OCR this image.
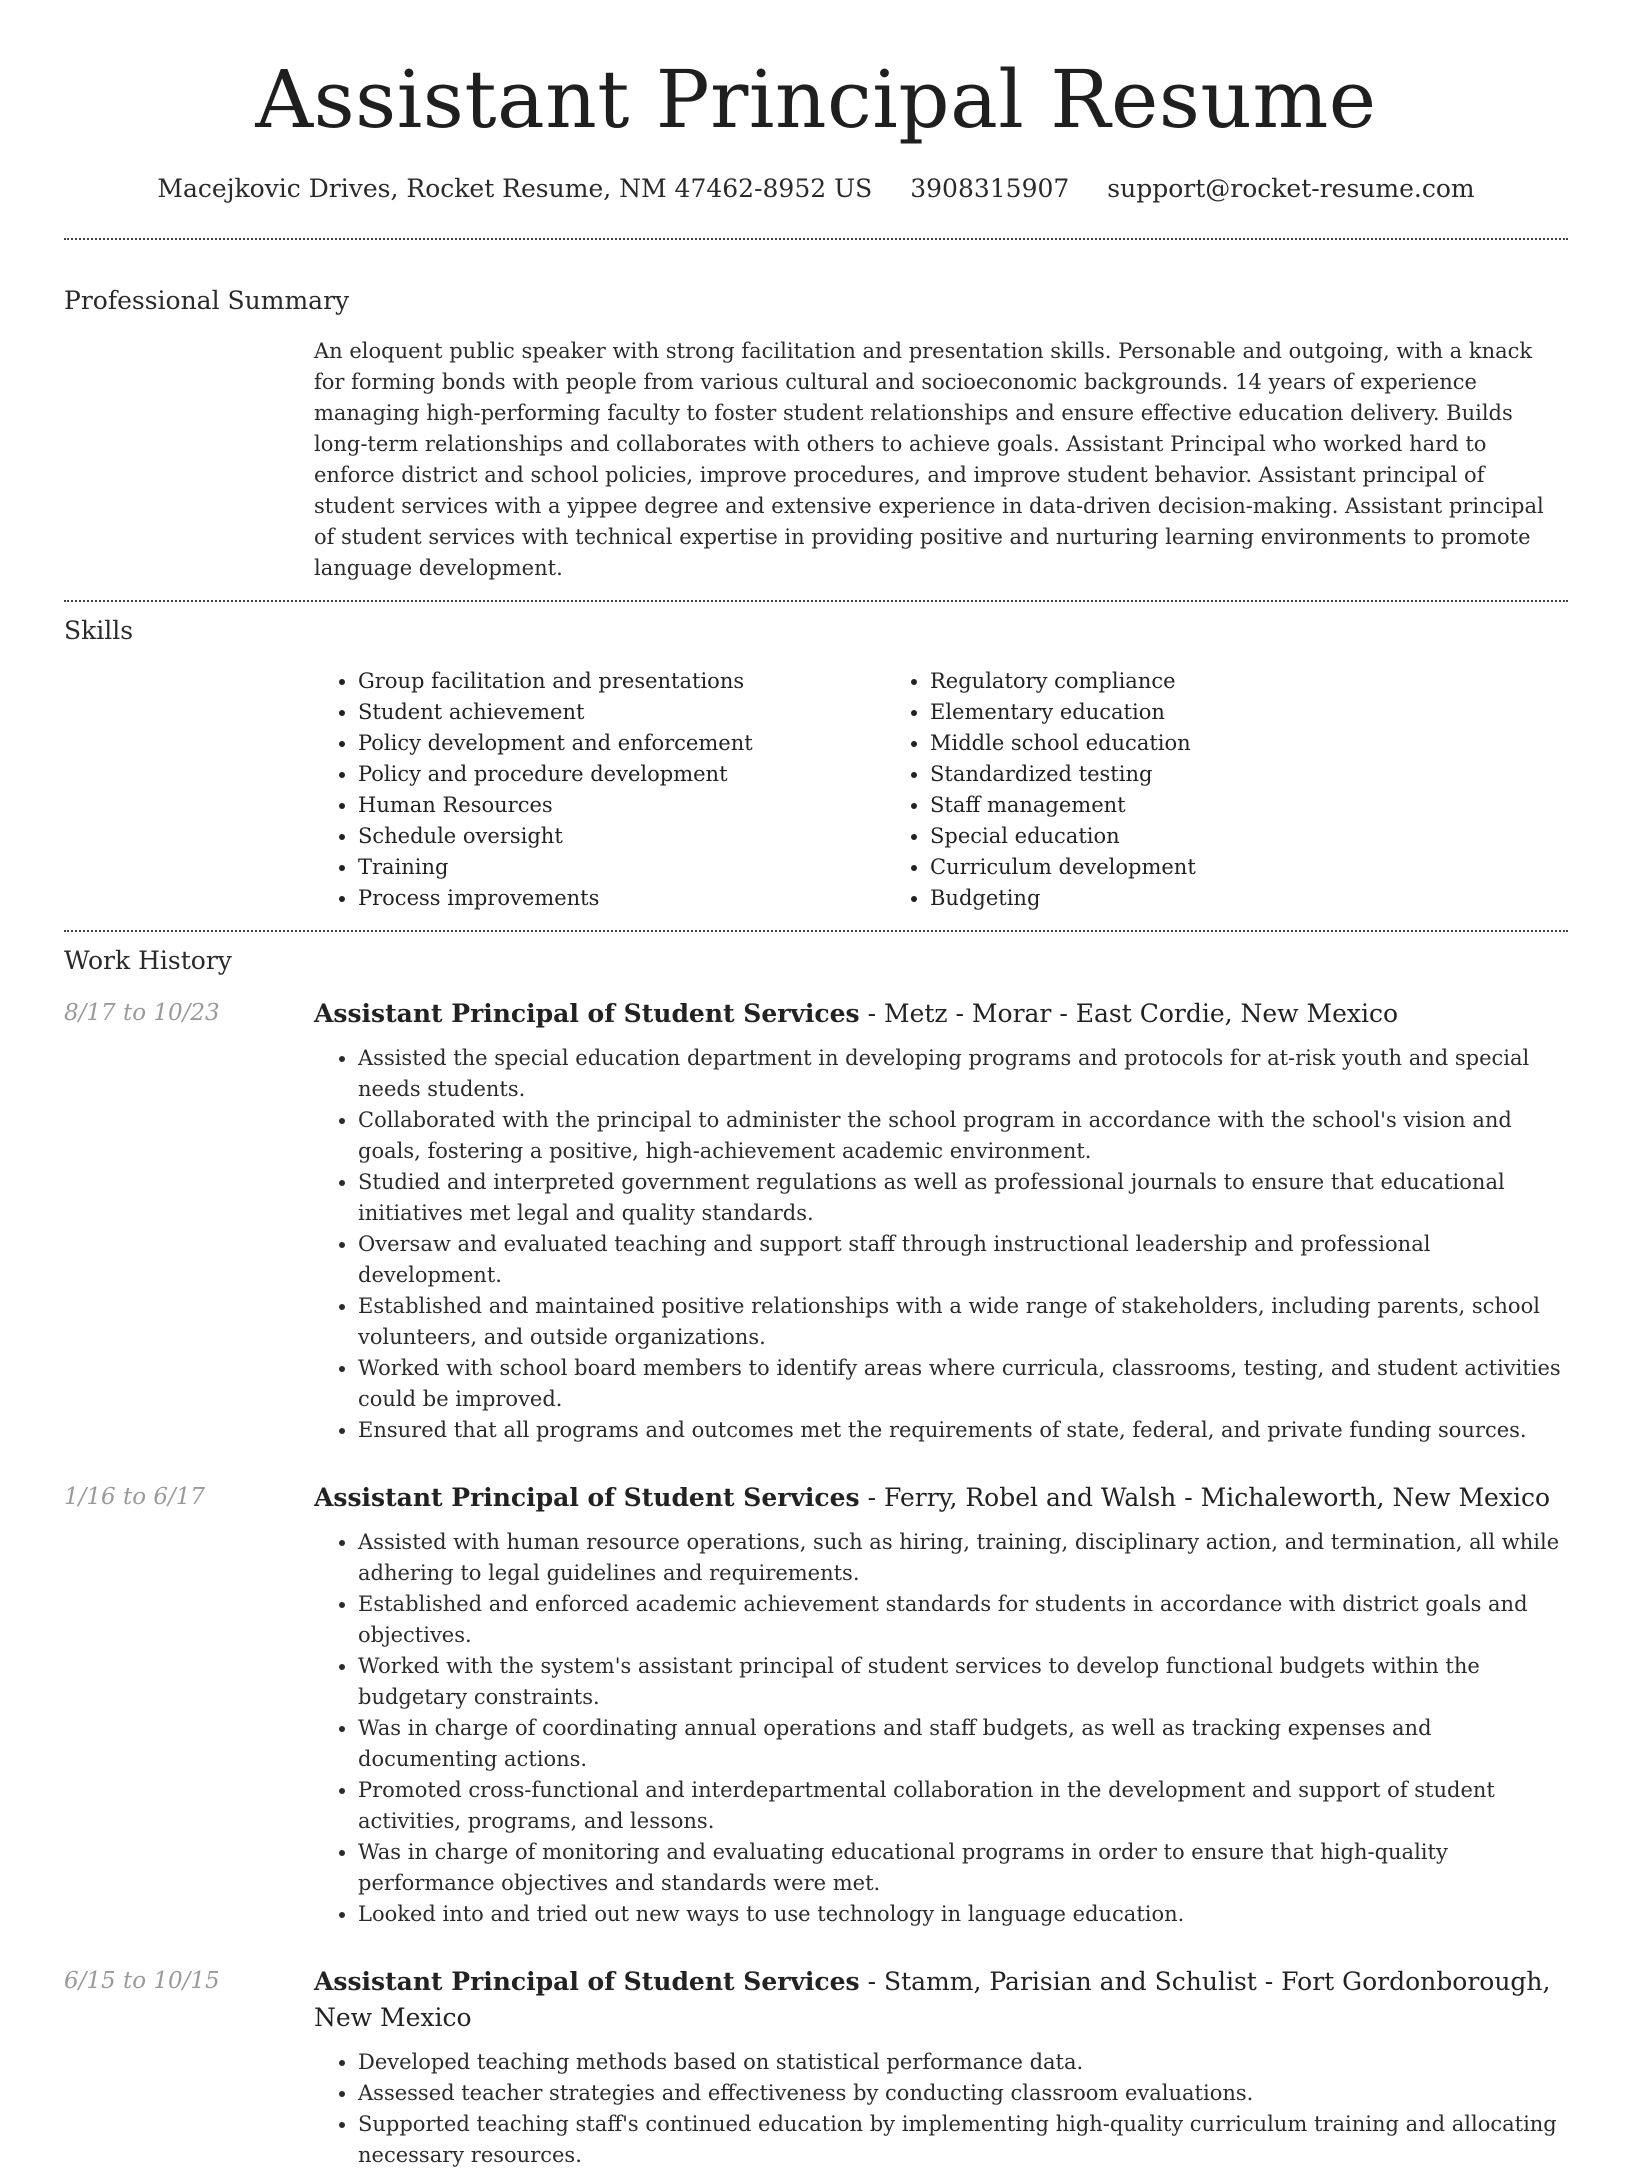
Assistant Principal Resume
Macejkovic Drives, Rocket Resume, NM 47462-8952 US 3908315907 support@rocket-resume.com
Professional Summary

An eloquent public speaker with strong facilitation and presentation skills. Personable and outgoing, with a knack for forming bonds with people from various cultural and socioeconomic backgrounds. 14 years of experience managing high-performing faculty to foster student relationships and ensure effective education delivery. Builds long-term relationships and collaborates with others to achieve goals. Assistant Principal who worked hard to enforce district and school policies, improve procedures, and improve student behavior. Assistant principal of student services with a yippee degree and extensive experience in data-driven decision-making. Assistant principal of student services with technical expertise in providing positive and nurturing learning environments to promote language development.

Skills
• Group facilitation and presentations
• Student achievement
• Policy development and enforcement
• Policy and procedure development
• Human Resources
• Schedule oversight
• Training
• Process improvements
• Regulatory compliance
• Elementary education
• Middle school education
• Standardized testing
• Staff management
• Special education
• Curriculum development
• Budgeting
Work History
8/17 to 10/23	Assistant Principal of Student Services - Metz - Morar - East Cordie, New Mexico
• Assisted the special education department in developing programs and protocols for at-risk youth and special needs students.
• Collaborated with the principal to administer the school program in accordance with the school's vision and goals, fostering a positive, high-achievement academic environment.
• Studied and interpreted government regulations as well as professional journals to ensure that educational initiatives met legal and quality standards.
• Oversaw and evaluated teaching and support staff through instructional leadership and professional development.
• Established and maintained positive relationships with a wide range of stakeholders, including parents, school volunteers, and outside organizations.
• Worked with school board members to identify areas where curricula, classrooms, testing, and student activities could be improved.
• Ensured that all programs and outcomes met the requirements of state, federal, and private funding sources.
1/16 to 6/17	Assistant Principal of Student Services - Ferry, Robel and Walsh - Michaleworth, New Mexico
• Assisted with human resource operations, such as hiring, training, disciplinary action, and termination, all while adhering to legal guidelines and requirements.
• Established and enforced academic achievement standards for students in accordance with district goals and objectives.
• Worked with the system's assistant principal of student services to develop functional budgets within the budgetary constraints.
• Was in charge of coordinating annual operations and staff budgets, as well as tracking expenses and documenting actions.
• Promoted cross-functional and interdepartmental collaboration in the development and support of student activities, programs, and lessons.
• Was in charge of monitoring and evaluating educational programs in order to ensure that high-quality performance objectives and standards were met.
• Looked into and tried out new ways to use technology in language education.
6/15 to 10/15	Assistant Principal of Student Services - Stamm, Parisian and Schulist - Fort Gordonborough, New Mexico
• Developed teaching methods based on statistical performance data.
• Assessed teacher strategies and effectiveness by conducting classroom evaluations.
• Supported teaching staff's continued education by implementing high-quality curriculum training and allocating necessary resources.
